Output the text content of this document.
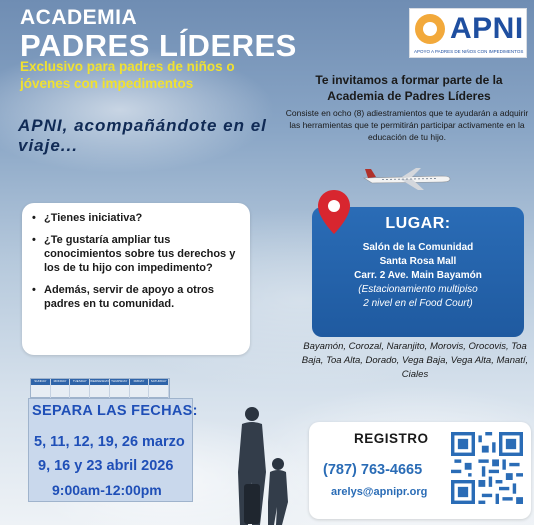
ACADEMIA
PADRES LÍDERES
Exclusivo para padres de niños o jóvenes con impedimentos
APNI
APOYO A PADRES DE NIÑOS CON IMPEDIMENTOS
Te invitamos a formar parte de la Academia de Padres Líderes
Consiste en ocho (8) adiestramientos que te ayudarán a adquirir las herramientas que te permitirán participar activamente en la educación de tu hijo.
APNI, acompañándote en el viaje...
• ¿Tienes iniciativa?
• ¿Te gustaría ampliar tus conocimientos sobre tus derechos y los de tu hijo con impedimento?
• Además, servir de apoyo a otros padres en tu comunidad.
LUGAR:
Salón de la Comunidad
Santa Rosa Mall
Carr. 2 Ave. Main Bayamón
(Estacionamiento multipiso
2 nivel en el Food Court)
Bayamón, Corozal, Naranjito, Morovis, Orocovis, Toa Baja, Toa Alta, Dorado, Vega Baja, Vega Alta, Manatí, Ciales
SUNDAY	MONDAY	TUESDAY	WEDNESDAY THURSDAY	FRIDAY	SATURDAY
SEPARA LAS FECHAS:
5, 11, 12, 19, 26 marzo
9, 16 y 23 abril 2026
9:00am-12:00pm
REGISTRO
(787) 763-4665
arelys@apnipr.org
